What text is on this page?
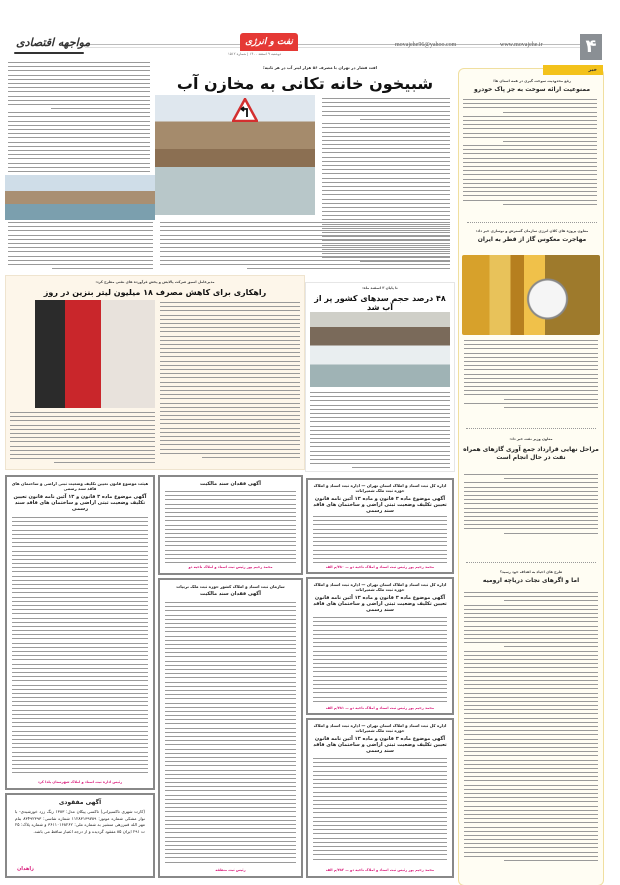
۴
www.movajehe.ir
movajehe96@yahoo.com
نفت و انرژی
دوشنبه ۹ اسفند ۱۴۰۰ | شماره ۱۵۱۲
مواجهه اقتصادی
خبر
رفع محدودیت سوخت گیری در همه استان ها؛
ممنوعیت ارائه سوخت به جز پاک خودرو
معاون پروژه های کلان انرژی سازمان گسترش و نوسازی خبر داد:
مهاجرت معکوس گاز از قطر به ایران
معاون وزیر نفت خبر داد:
مراحل نهایی قرارداد جمع آوری گازهای همراه نفت در حال انجام است
طرح های احیاء به اهداف خود رسید؟
اما و اگرهای نجات دریاچه ارومیه
افت فشار در تهران با مصرف ۵۶ هزار لیتر آب در هر ثانیه؛
شبیخون خانه تکانی به مخازن آب
تا پایان ۳ اسفند ماه:
۴۸ درصد حجم سدهای کشور پر از آب شد
مدیرعامل اسبق شرکت پالایش و پخش فرآورده های نفتی مطرح کرد:
راهکاری برای کاهش مصرف ۱۸ میلیون لیتر بنزین در روز
هیئت موضوع قانون تعیین تکلیف وضعیت ثبتی اراضی و ساختمان های فاقد سند رسمی
آگهی موضوع ماده ۳ قانون و ۱۳ آئین نامه قانون تعیین تکلیف وضعیت ثبتی اراضی و ساختمان های فاقد سند رسمی
رئیس اداره ثبت اسناد و املاک شهرستان یلدا کرد
آگهی فقدان سند مالکیت
محمد رحیم پور رئیس ثبت اسناد و املاک ناحیه دو
سازمان ثبت اسناد و املاک کشور حوزه ثبت ملک ترتیات
آگهی فقدان سند مالکیت
رئیس ثبت منطقه
اداره کل ثبت اسناد و املاک استان تهران — اداره ثبت اسناد و املاک حوزه ثبت ملک شمیرانات
آگهی موضوع ماده ۳ قانون و ماده ۱۳ آئین نامه قانون تعیین تکلیف وضعیت ثبتی اراضی و ساختمان های فاقد سند رسمی
محمد رحیم پور رئیس ثبت اسناد و املاک ناحیه دو — ۷۸۰/م الف
اداره کل ثبت اسناد و املاک استان تهران — اداره ثبت اسناد و املاک حوزه ثبت ملک شمیرانات
آگهی موضوع ماده ۳ قانون و ماده ۱۳ آئین نامه قانون تعیین تکلیف وضعیت ثبتی اراضی و ساختمان های فاقد سند رسمی
محمد رحیم پور رئیس ثبت اسناد و املاک ناحیه دو — ۷۸۱/م الف
اداره کل ثبت اسناد و املاک استان تهران — اداره ثبت اسناد و املاک حوزه ثبت ملک شمیرانات
آگهی موضوع ماده ۳ قانون و ماده ۱۳ آئین نامه قانون تعیین تکلیف وضعیت ثبتی اراضی و ساختمان های فاقد سند رسمی
محمد رحیم پور رئیس ثبت اسناد و املاک ناحیه دو — ۷۸۲/م الف
آگهی مفقودی
(کارت شهری تاکسیرانی) تاکسی پیکان مدل: ۱۳۸۳ رنگ زرد خورشیدی- با نوار مشکی شماره موتور: ۱۱۲۸۳۱۳۹۷۸۹ شماره شاسی: ۸۳۴۹۲۳۹۳ بنام مهر الله قنبرزهی منشیر به شماره ملی: ۳۶۱۱۰۱۶۸۲۶۲ و شماره پلاک: ۲۵ ت ۲۹۱ ایران ۸۵ مفقود گردیده و از درجه اعتبار ساقط می باشد.
زاهدان
